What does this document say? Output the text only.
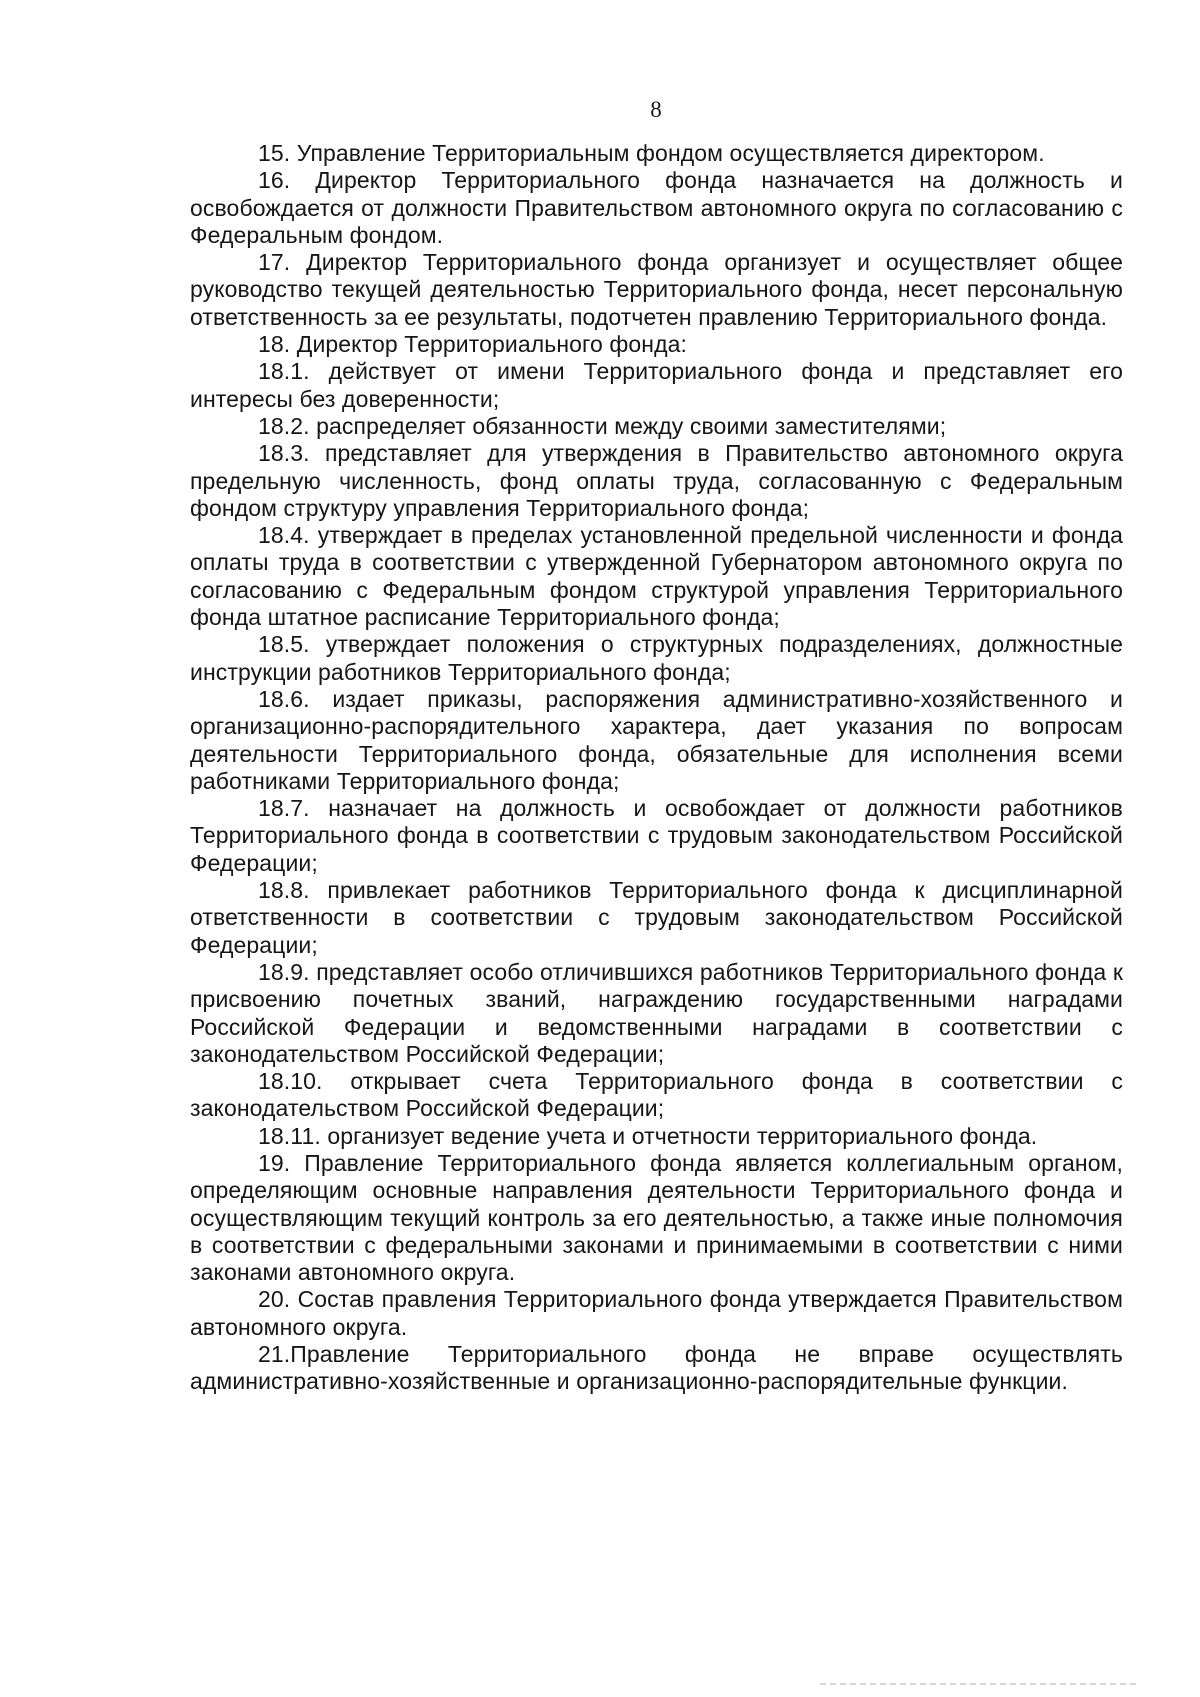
8

15. Управление Территориальным фондом осуществляется директором.

16. Директор Территориального фонда назначается на должность и освобождается от должности Правительством автономного округа по согласованию с Федеральным фондом.

17. Директор Территориального фонда организует и осуществляет общее руководство текущей деятельностью Территориального фонда, несет персональную ответственность за ее результаты, подотчетен правлению Территориального фонда.

18. Директор Территориального фонда:

18.1. действует от имени Территориального фонда и представляет его интересы без доверенности;

18.2. распределяет обязанности между своими заместителями;

18.3. представляет для утверждения в Правительство автономного округа предельную численность, фонд оплаты труда, согласованную с Федеральным фондом структуру управления Территориального фонда;

18.4. утверждает в пределах установленной предельной численности и фонда оплаты труда в соответствии с утвержденной Губернатором автономного округа по согласованию с Федеральным фондом структурой управления Территориального фонда штатное расписание Территориального фонда;

18.5. утверждает положения о структурных подразделениях, должностные инструкции работников Территориального фонда;

18.6. издает приказы, распоряжения административно-хозяйственного и организационно-распорядительного характера, дает указания по вопросам деятельности Территориального фонда, обязательные для исполнения всеми работниками Территориального фонда;

18.7. назначает на должность и освобождает от должности работников Территориального фонда в соответствии с трудовым законодательством Российской Федерации;

18.8. привлекает работников Территориального фонда к дисциплинарной ответственности в соответствии с трудовым законодательством Российской Федерации;

18.9. представляет особо отличившихся работников Территориального фонда к присвоению почетных званий, награждению государственными наградами Российской Федерации и ведомственными наградами в соответствии с законодательством Российской Федерации;

18.10. открывает счета Территориального фонда в соответствии с законодательством Российской Федерации;

18.11. организует ведение учета и отчетности территориального фонда.

19. Правление Территориального фонда является коллегиальным органом, определяющим основные направления деятельности Территориального фонда и осуществляющим текущий контроль за его деятельностью, а также иные полномочия в соответствии с федеральными законами и принимаемыми в соответствии с ними законами автономного округа.

20. Состав правления Территориального фонда утверждается Правительством автономного округа.

21.Правление Территориального фонда не вправе осуществлять административно-хозяйственные и организационно-распорядительные функции.
